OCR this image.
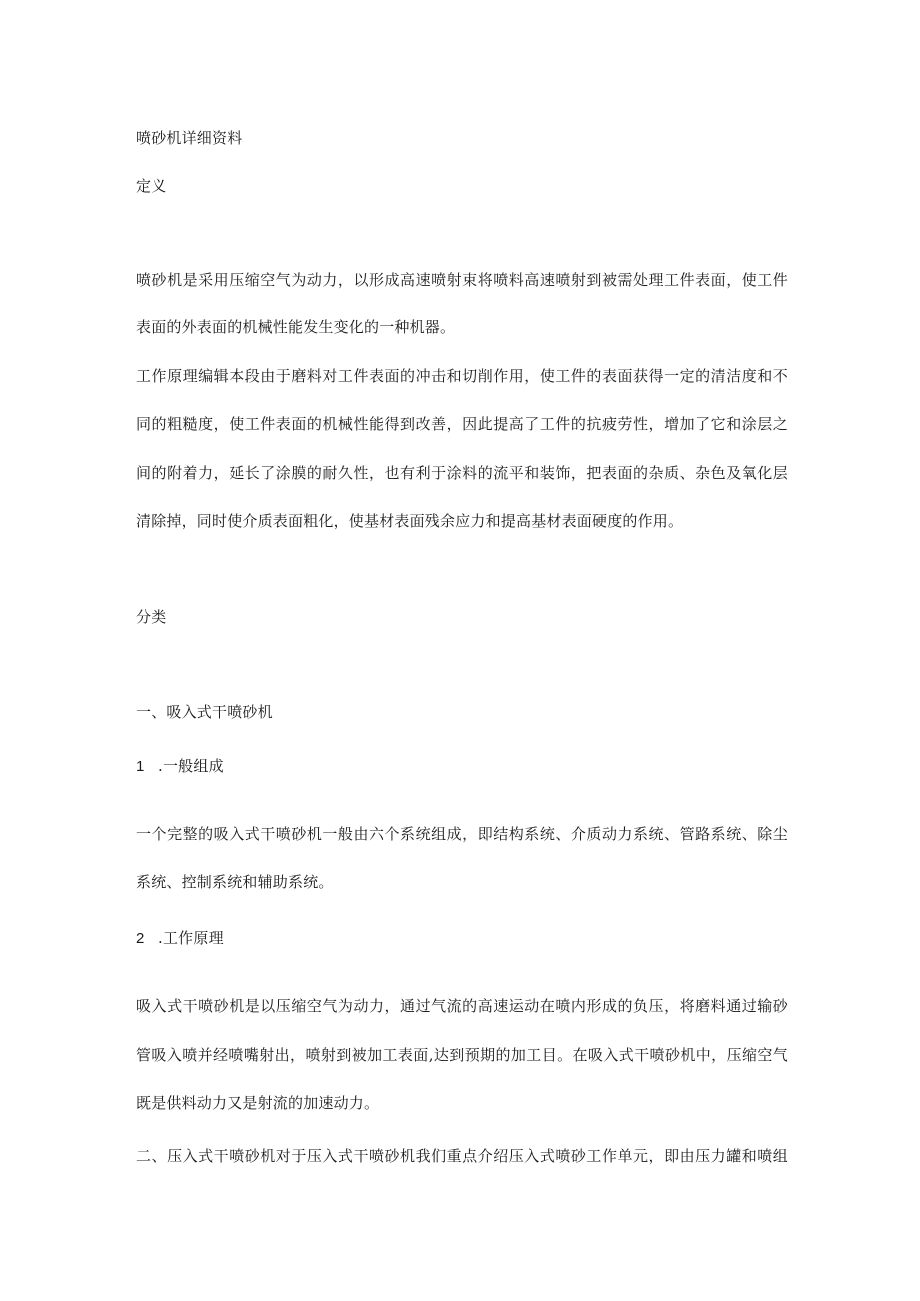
喷砂机详细资料
定义
喷砂机是采用压缩空气为动力，以形成高速喷射束将喷料高速喷射到被需处理工件表面，使工件
表面的外表面的机械性能发生变化的一种机器。
工作原理编辑本段由于磨料对工件表面的冲击和切削作用，使工件的表面获得一定的清洁度和不
同的粗糙度，使工件表面的机械性能得到改善，因此提高了工件的抗疲劳性，增加了它和涂层之
间的附着力，延长了涂膜的耐久性，也有利于涂料的流平和装饰，把表面的杂质、杂色及氧化层
清除掉，同时使介质表面粗化，使基材表面残余应力和提高基材表面硬度的作用。
分类
一、吸入式干喷砂机
1 .一般组成
一个完整的吸入式干喷砂机一般由六个系统组成，即结构系统、介质动力系统、管路系统、除尘
系统、控制系统和辅助系统。
2 .工作原理
吸入式干喷砂机是以压缩空气为动力，通过气流的高速运动在喷内形成的负压，将磨料通过输砂
管吸入喷并经喷嘴射出，喷射到被加工表面,达到预期的加工目。在吸入式干喷砂机中，压缩空气
既是供料动力又是射流的加速动力。
二、压入式干喷砂机对于压入式干喷砂机我们重点介绍压入式喷砂工作单元，即由压力罐和喷组
